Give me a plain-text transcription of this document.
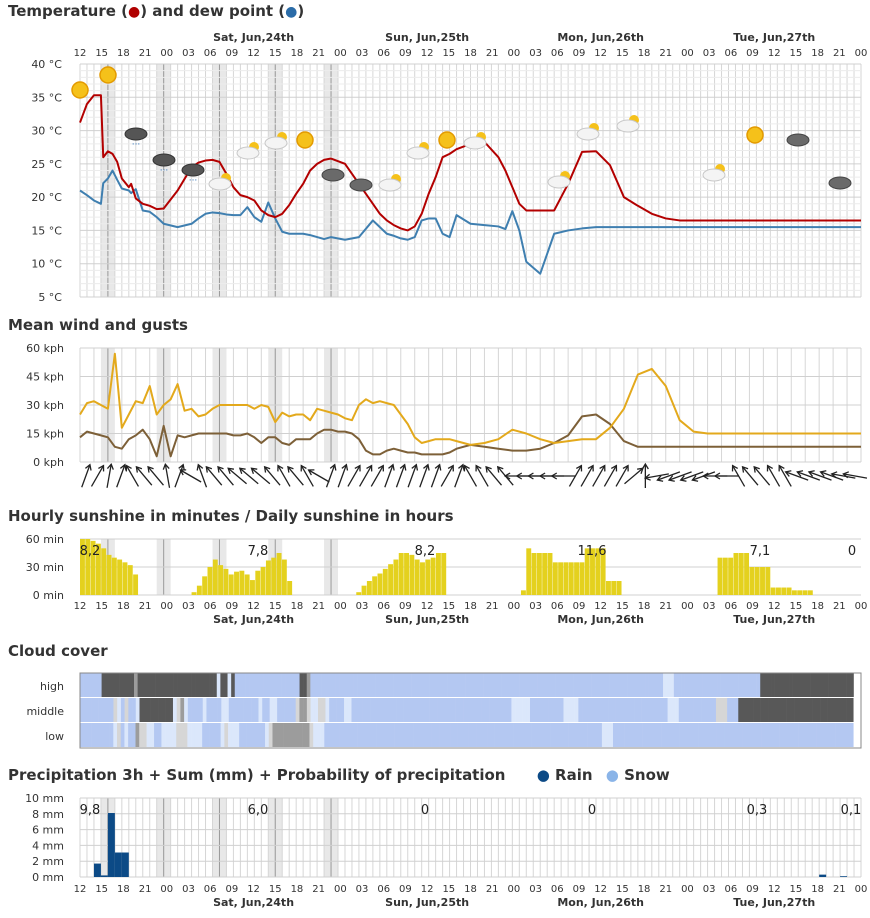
Temperature (●) and dew point (●)
Mean wind and gusts
Hourly sunshine in minutes / Daily sunshine in hours
Cloud cover
Precipitation 3h + Sum (mm) + Probability of precipitation ● Rain ● Snow
40 °C
35 °C
30 °C
25 °C
20 °C
15 °C
10 °C
5 °C
12 15 18 21 00 03 06 09 12 15 18 21 00 03 06 09 12 15 18 21 00 03 06 09 12 15 18 21 00 03 06 09 12 15 18 21 00
Sat, Jun,24th	Sun, Jun,25th	Mon, Jun,26th	Tue, Jun,27th
⋅⋅⋅
⋅⋅⋅
⋅⋅⋅
60 kph
45 kph
30 kph
15 kph
0 kph
60 min
30 min
0 min
8,2	7,8	8,2	11,6	7,1	0
12 15 18 21 00 03 06 09 12 15 18 21 00 03 06 09 12 15 18 21 00 03 06 09 12 15 18 21 00 03 06 09 12 15 18 21 00
Sat, Jun,24th	Sun, Jun,25th	Mon, Jun,26th	Tue, Jun,27th
high
middle
low
10 mm
8 mm
6 mm
4 mm
2 mm
0 mm
9,8	6,0	0	0	0,3	0,1
12 15 18 21 00 03 06 09 12 15 18 21 00 03 06 09 12 15 18 21 00 03 06 09 12 15 18 21 00 03 06 09 12 15 18 21 00
Sat, Jun,24th	Sun, Jun,25th	Mon, Jun,26th	Tue, Jun,27th
